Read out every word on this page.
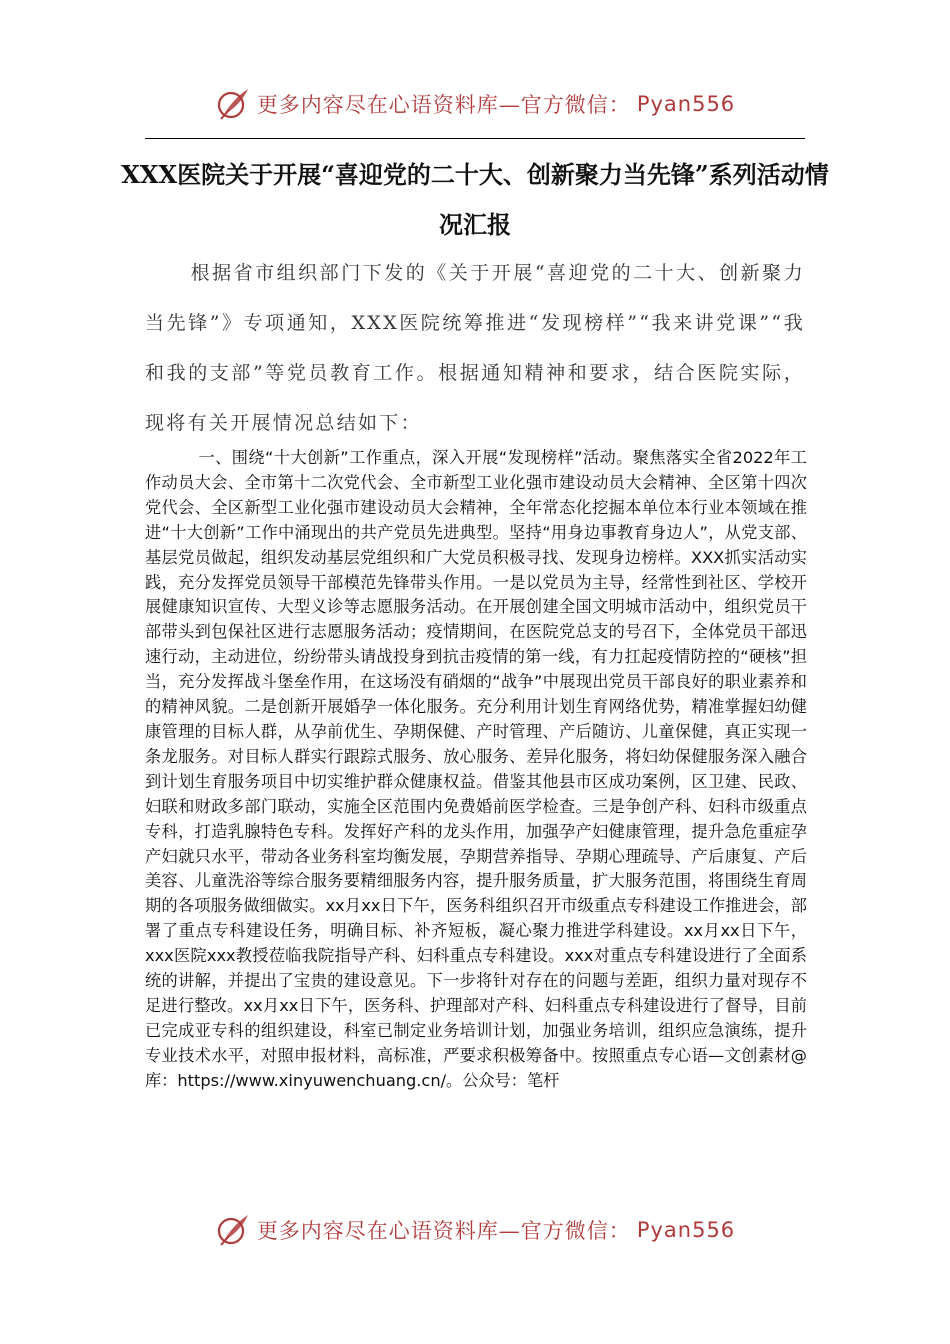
更多内容尽在心语资料库—官方微信： Pyan556
XXX医院关于开展“喜迎党的二十大、创新聚力当先锋”系列活动情况汇报
根据省市组织部门下发的《关于开展“喜迎党的二十大、创新聚力当先锋”》专项通知，XXX医院统筹推进“发现榜样”“我来讲党课”“我和我的支部”等党员教育工作。根据通知精神和要求，结合医院实际，现将有关开展情况总结如下：
一、围绕“十大创新”工作重点，深入开展“发现榜样”活动。聚焦落实全省2022年工作动员大会、全市第十二次党代会、全市新型工业化强市建设动员大会精神、全区第十四次党代会、全区新型工业化强市建设动员大会精神，全年常态化挖掘本单位本行业本领域在推进“十大创新”工作中涌现出的共产党员先进典型。坚持“用身边事教育身边人”，从党支部、基层党员做起，组织发动基层党组织和广大党员积极寻找、发现身边榜样。XXX抓实活动实践，充分发挥党员领导干部模范先锋带头作用。一是以党员为主导，经常性到社区、学校开展健康知识宣传、大型义诊等志愿服务活动。在开展创建全国文明城市活动中，组织党员干部带头到包保社区进行志愿服务活动；疫情期间，在医院党总支的号召下，全体党员干部迅速行动，主动进位，纷纷带头请战投身到抗击疫情的第一线，有力扛起疫情防控的“硬核”担当，充分发挥战斗堡垒作用，在这场没有硝烟的“战争”中展现出党员干部良好的职业素养和的精神风貌。二是创新开展婚孕一体化服务。充分利用计划生育网络优势，精准掌握妇幼健康管理的目标人群，从孕前优生、孕期保健、产时管理、产后随访、儿童保健，真正实现一条龙服务。对目标人群实行跟踪式服务、放心服务、差异化服务，将妇幼保健服务深入融合到计划生育服务项目中切实维护群众健康权益。借鉴其他县市区成功案例，区卫建、民政、妇联和财政多部门联动，实施全区范围内免费婚前医学检查。三是争创产科、妇科市级重点专科，打造乳腺特色专科。发挥好产科的龙头作用，加强孕产妇健康管理，提升急危重症孕产妇就只水平，带动各业务科室均衡发展，孕期营养指导、孕期心理疏导、产后康复、产后美容、儿童洗浴等综合服务要精细服务内容，提升服务质量，扩大服务范围，将围绕生育周期的各项服务做细做实。xx月xx日下午，医务科组织召开市级重点专科建设工作推进会，部署了重点专科建设任务，明确目标、补齐短板，凝心聚力推进学科建设。xx月xx日下午，xxx医院xxx教授莅临我院指导产科、妇科重点专科建设。xxx对重点专科建设进行了全面系统的讲解，并提出了宝贵的建设意见。下一步将针对存在的问题与差距，组织力量对现存不足进行整改。xx月xx日下午，医务科、护理部对产科、妇科重点专科建设进行了督导，目前已完成亚专科的组织建设，科室已制定业务培训计划，加强业务培训，组织应急演练，提升专业技术水平，对照申报材料，高标准，严要求积极筹备中。按照重点专心语—文创素材@库：https://www.xinyuwenchuang.cn/。公众号：笔杆
更多内容尽在心语资料库—官方微信： Pyan556
